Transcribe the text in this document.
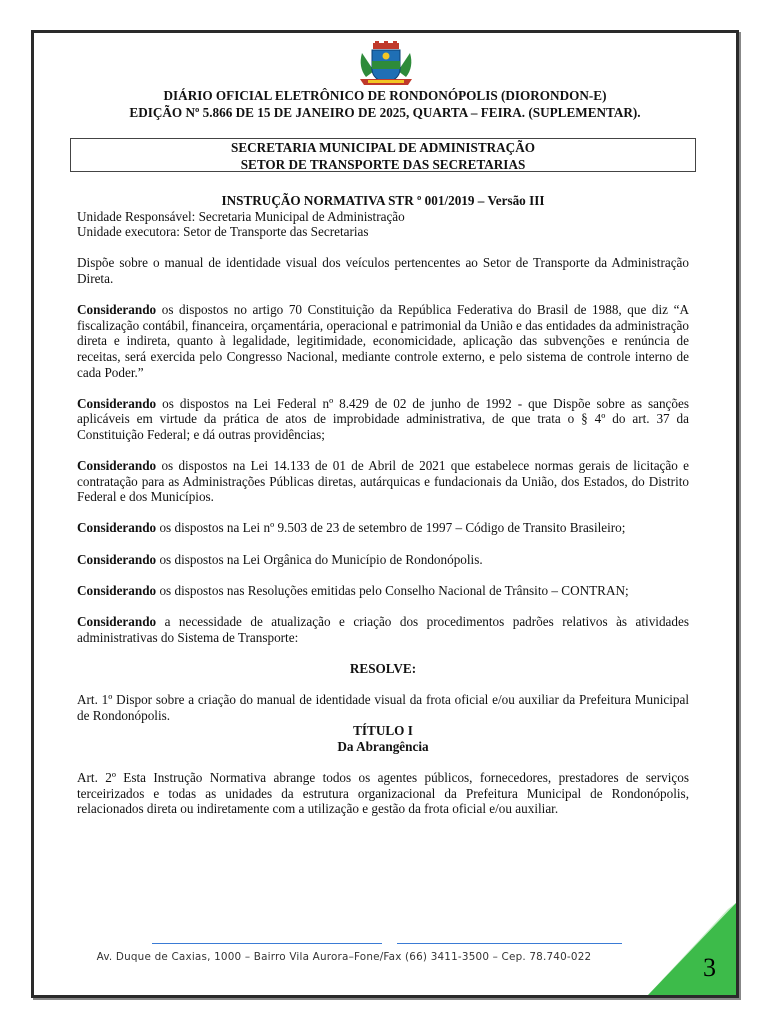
DIÁRIO OFICIAL ELETRÔNICO DE RONDONÓPOLIS (DIORONDON-E)
EDIÇÃO Nº 5.866 DE 15 DE JANEIRO DE 2025, QUARTA – FEIRA. (SUPLEMENTAR).
SECRETARIA MUNICIPAL DE ADMINISTRAÇÃO
SETOR DE TRANSPORTE DAS SECRETARIAS

INSTRUÇÃO NORMATIVA STR º 001/2019 – Versão III

Unidade Responsável: Secretaria Municipal de Administração

Unidade executora: Setor de Transporte das Secretarias

Dispõe sobre o manual de identidade visual dos veículos pertencentes ao Setor de Transporte da Administração Direta.

Considerando os dispostos no artigo 70 Constituição da República Federativa do Brasil de 1988, que diz “A fiscalização contábil, financeira, orçamentária, operacional e patrimonial da União e das entidades da administração direta e indireta, quanto à legalidade, legitimidade, economicidade, aplicação das subvenções e renúncia de receitas, será exercida pelo Congresso Nacional, mediante controle externo, e pelo sistema de controle interno de cada Poder.”

Considerando os dispostos na Lei Federal nº 8.429 de 02 de junho de 1992 - que Dispõe sobre as sanções aplicáveis em virtude da prática de atos de improbidade administrativa, de que trata o § 4º do art. 37 da Constituição Federal; e dá outras providências;

Considerando os dispostos na Lei 14.133 de 01 de Abril de 2021 que estabelece normas gerais de licitação e contratação para as Administrações Públicas diretas, autárquicas e fundacionais da União, dos Estados, do Distrito Federal e dos Municípios.

Considerando os dispostos na Lei nº 9.503 de 23 de setembro de 1997 – Código de Transito Brasileiro;

Considerando os dispostos na Lei Orgânica do Município de Rondonópolis.

Considerando os dispostos nas Resoluções emitidas pelo Conselho Nacional de Trânsito – CONTRAN;

Considerando a necessidade de atualização e criação dos procedimentos padrões relativos às atividades administrativas do Sistema de Transporte:

RESOLVE:

Art. 1º Dispor sobre a criação do manual de identidade visual da frota oficial e/ou auxiliar da Prefeitura Municipal de Rondonópolis.

TÍTULO I

Da Abrangência

Art. 2º Esta Instrução Normativa abrange todos os agentes públicos, fornecedores, prestadores de serviços terceirizados e todas as unidades da estrutura organizacional da Prefeitura Municipal de Rondonópolis, relacionados direta ou indiretamente com a utilização e gestão da frota oficial e/ou auxiliar.

Av. Duque de Caxias, 1000 – Bairro Vila Aurora–Fone/Fax (66) 3411-3500 – Cep. 78.740-022	3
